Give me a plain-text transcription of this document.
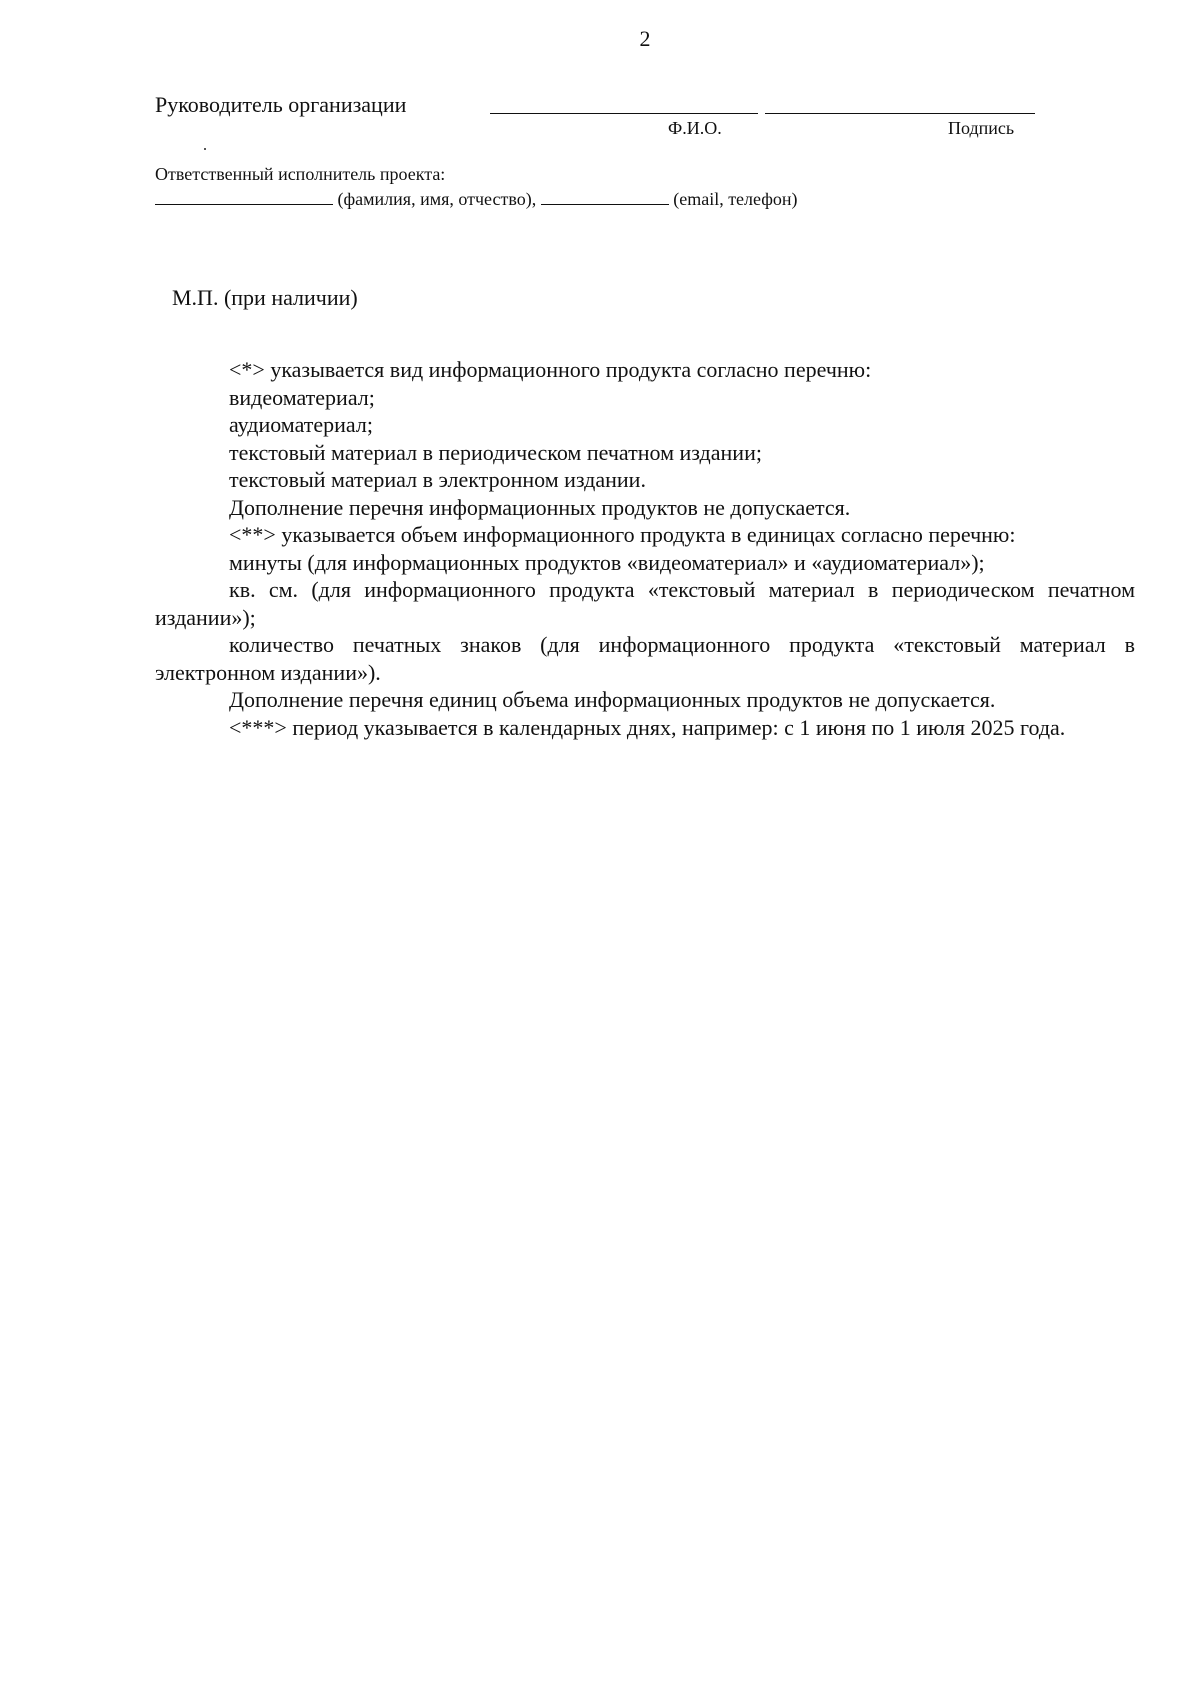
2
Руководитель организации
Ф.И.О.	Подпись
Ответственный исполнитель проекта:
(фамилия, имя, отчество),	(email, телефон)
М.П. (при наличии)

<*> указывается вид информационного продукта согласно перечню:

видеоматериал;

аудиоматериал;

текстовый материал в периодическом печатном издании;

текстовый материал в электронном издании.

Дополнение перечня информационных продуктов не допускается.

<**> указывается объем информационного продукта в единицах согласно перечню:

минуты (для информационных продуктов «видеоматериал» и «аудиоматериал»);

кв. см. (для информационного продукта «текстовый материал в периодическом печатном издании»);

количество печатных знаков (для информационного продукта «текстовый материал в электронном издании»).

Дополнение перечня единиц объема информационных продуктов не допускается.

<***> период указывается в календарных днях, например: с 1 июня по 1 июля 2025 года.
